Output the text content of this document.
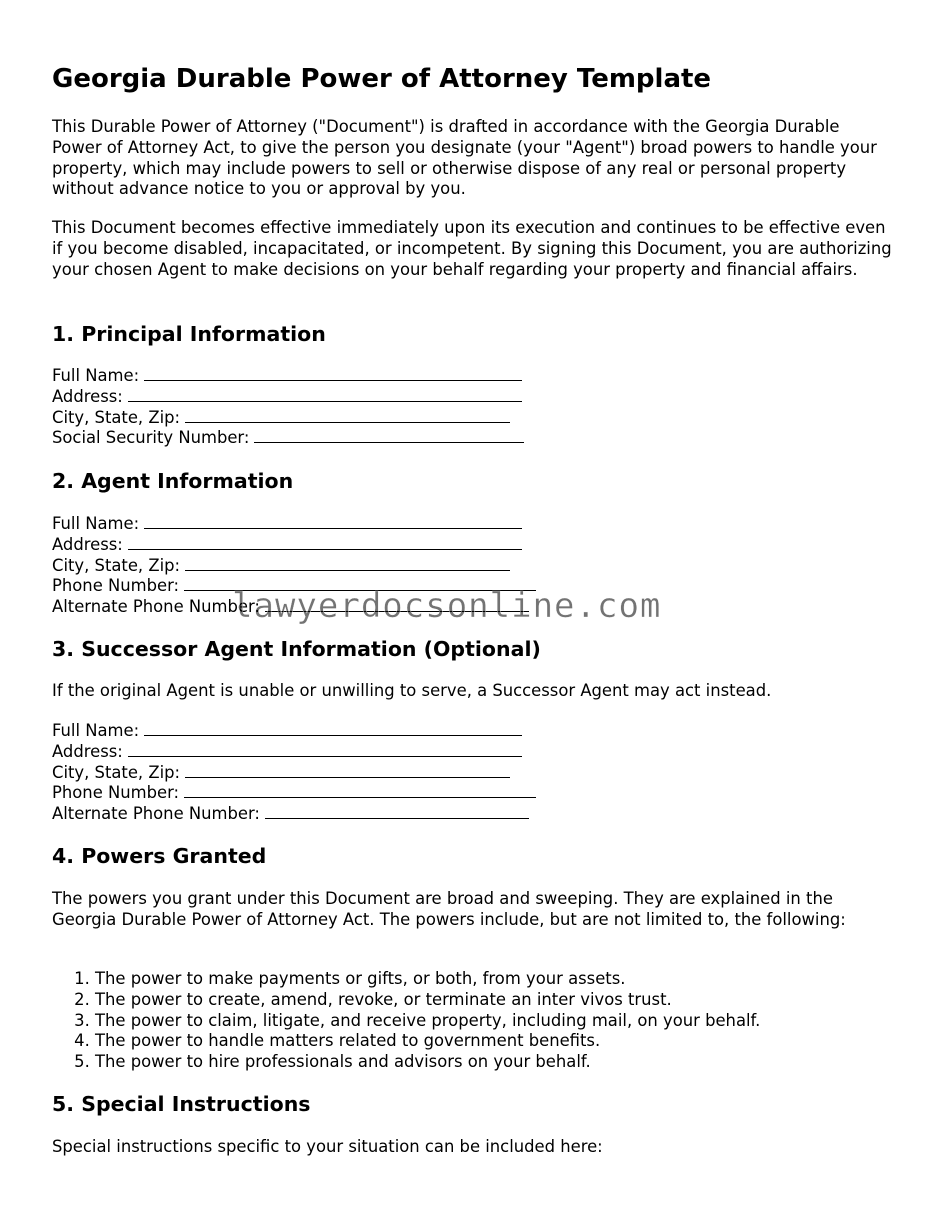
Georgia Durable Power of Attorney Template

This Durable Power of Attorney ("Document") is drafted in accordance with the Georgia Durable Power of Attorney Act, to give the person you designate (your "Agent") broad powers to handle your property, which may include powers to sell or otherwise dispose of any real or personal property without advance notice to you or approval by you.

This Document becomes effective immediately upon its execution and continues to be effective even if you become disabled, incapacitated, or incompetent. By signing this Document, you are authorizing your chosen Agent to make decisions on your behalf regarding your property and financial affairs.

1. Principal Information
Full Name:
Address:
City, State, Zip:
Social Security Number:
2. Agent Information
Full Name:
Address:
City, State, Zip:
Phone Number:
Alternate Phone Number:
3. Successor Agent Information (Optional)

If the original Agent is unable or unwilling to serve, a Successor Agent may act instead.

Full Name:
Address:
City, State, Zip:
Phone Number:
Alternate Phone Number:
4. Powers Granted

The powers you grant under this Document are broad and sweeping. They are explained in the Georgia Durable Power of Attorney Act. The powers include, but are not limited to, the following:

1. The power to make payments or gifts, or both, from your assets.
2. The power to create, amend, revoke, or terminate an inter vivos trust.
3. The power to claim, litigate, and receive property, including mail, on your behalf.
4. The power to handle matters related to government benefits.
5. The power to hire professionals and advisors on your behalf.
5. Special Instructions

Special instructions specific to your situation can be included here:

lawyerdocsonline.com
